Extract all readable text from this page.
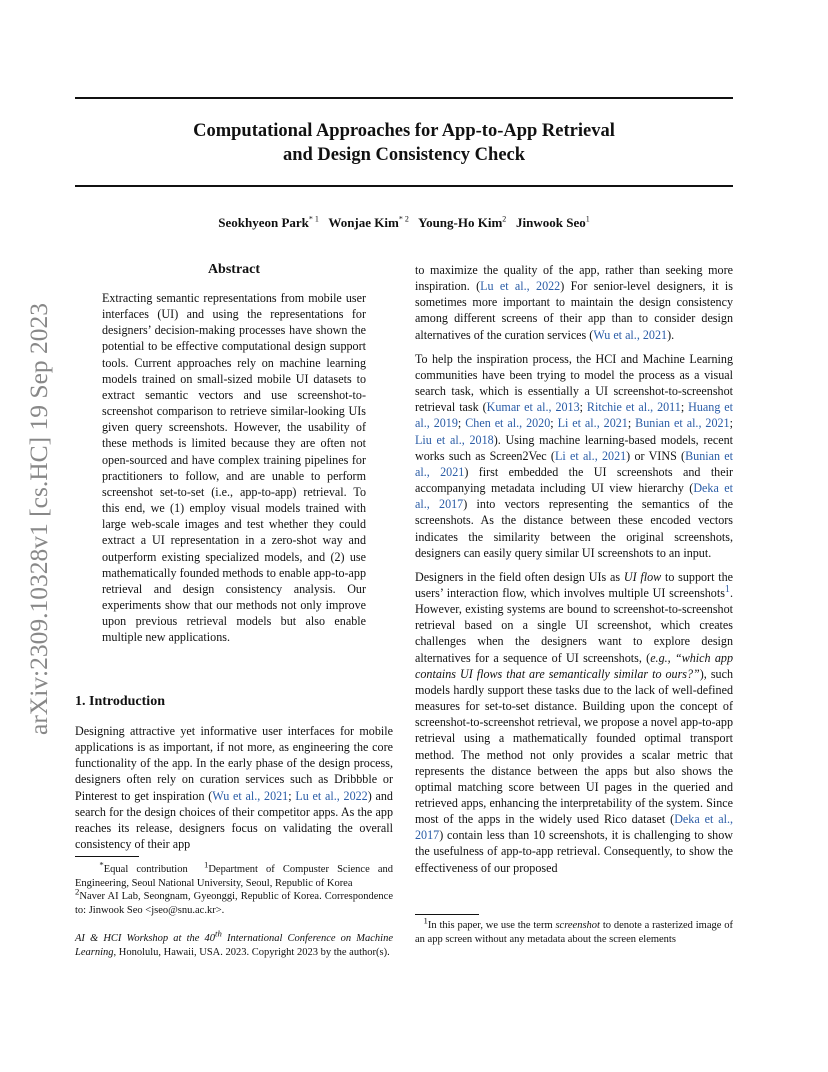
Computational Approaches for App-to-App Retrieval
and Design Consistency Check
Seokhyeon Park$^{* 1}$ Wonjae Kim$^{* 2}$ Young-Ho Kim$^2$ Jinwook Seo$^1$
arXiv:2309.10328v1 [cs.HC] 19 Sep 2023
Abstract
Extracting semantic representations from mobile user interfaces (UI) and using the representations for designers’ decision-making processes have shown the potential to be effective computational design support tools. Current approaches rely on machine learning models trained on small-sized mobile UI datasets to extract semantic vectors and use screenshot-to-screenshot comparison to retrieve similar-looking UIs given query screenshots. However, the usability of these methods is limited because they are often not open-sourced and have complex training pipelines for practitioners to follow, and are unable to perform screenshot set-to-set (i.e., app-to-app) retrieval. To this end, we (1) employ visual models trained with large web-scale images and test whether they could extract a UI representation in a zero-shot way and outperform existing specialized models, and (2) use mathematically founded methods to enable app-to-app retrieval and design consistency analysis. Our experiments show that our methods not only improve upon previous retrieval models but also enable multiple new applications.
1. Introduction
Designing attractive yet informative user interfaces for mobile applications is as important, if not more, as engineering the core functionality of the app. In the early phase of the design process, designers often rely on curation services such as Dribbble or Pinterest to get inspiration (Wu et al., 2021; Lu et al., 2022) and search for the design choices of their competitor apps. As the app reaches its release, designers focus on validating the overall consistency of their app
*Equal contribution $^1$Department of Compuster Science and Engineering, Seoul National University, Seoul, Republic of Korea
$^2$Naver AI Lab, Seongnam, Gyeonggi, Republic of Korea. Correspondence to: Jinwook Seo <jseo@snu.ac.kr>.
AI & HCI Workshop at the 40th International Conference on Machine Learning, Honolulu, Hawaii, USA. 2023. Copyright 2023 by the author(s).

to maximize the quality of the app, rather than seeking more inspiration. (Lu et al., 2022) For senior-level designers, it is sometimes more important to maintain the design consistency among different screens of their app than to consider design alternatives of the curation services (Wu et al., 2021).

To help the inspiration process, the HCI and Machine Learning communities have been trying to model the process as a visual search task, which is essentially a UI screenshot-to-screenshot retrieval task (Kumar et al., 2013; Ritchie et al., 2011; Huang et al., 2019; Chen et al., 2020; Li et al., 2021; Bunian et al., 2021; Liu et al., 2018). Using machine learning-based models, recent works such as Screen2Vec (Li et al., 2021) or VINS (Bunian et al., 2021) first embedded the UI screenshots and their accompanying metadata including UI view hierarchy (Deka et al., 2017) into vectors representing the semantics of the screenshots. As the distance between these encoded vectors indicates the similarity between the original screenshots, designers can easily query similar UI screenshots to an input.

Designers in the field often design UIs as UI flow to support the users’ interaction flow, which involves multiple UI screenshots$^1$. However, existing systems are bound to screenshot-to-screenshot retrieval based on a single UI screenshot, which creates challenges when the designers want to explore design alternatives for a sequence of UI screenshots, (e.g., “which app contains UI flows that are semantically similar to ours?”), such models hardly support these tasks due to the lack of well-defined measures for set-to-set distance. Building upon the concept of screenshot-to-screenshot retrieval, we propose a novel app-to-app retrieval using a mathematically founded optimal transport method. The method not only provides a scalar metric that represents the distance between the apps but also shows the optimal matching score between UI pages in the queried and retrieved apps, enhancing the interpretability of the system. Since most of the apps in the widely used Rico dataset (Deka et al., 2017) contain less than 10 screenshots, it is challenging to show the usefulness of app-to-app retrieval. Consequently, to show the effectiveness of our proposed

$^1$In this paper, we use the term screenshot to denote a rasterized image of an app screen without any metadata about the screen elements
